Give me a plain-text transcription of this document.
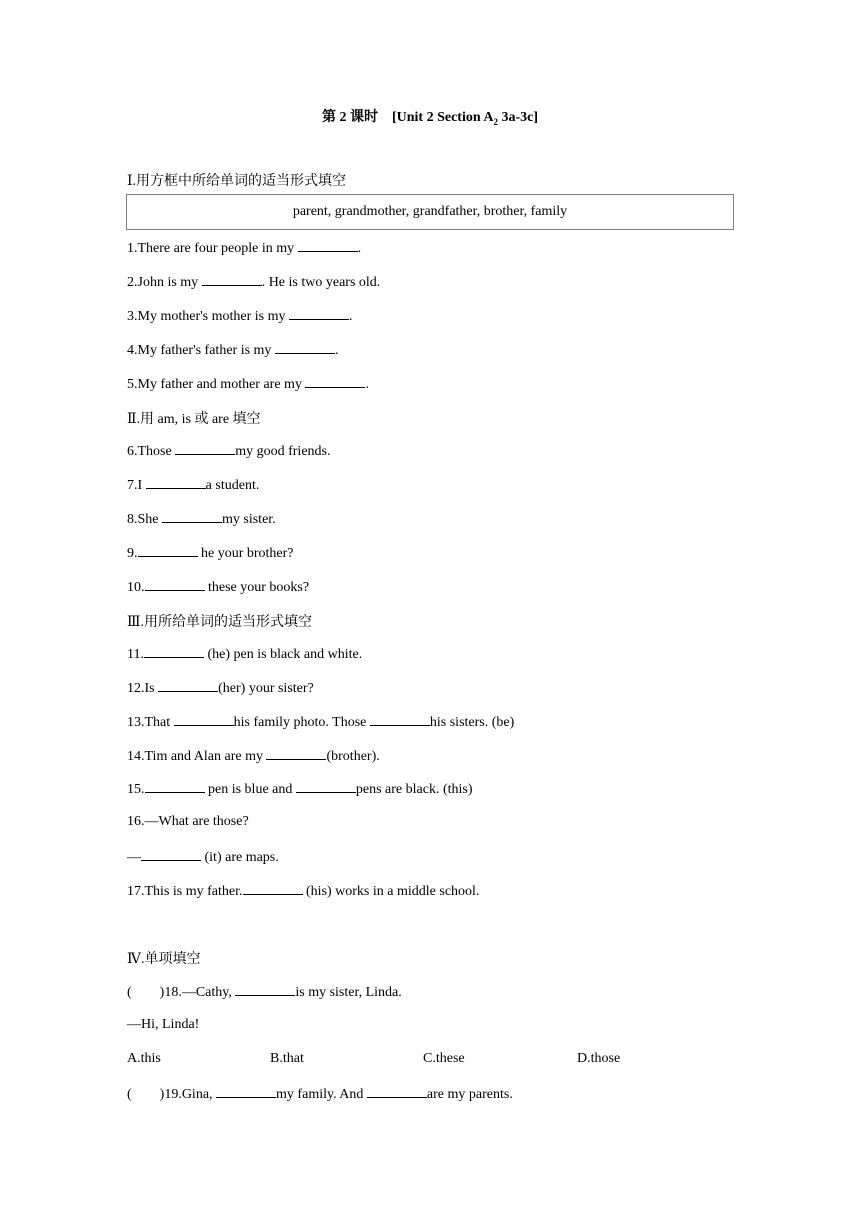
第 2 课时 [Unit 2 Section $A_2$ 3a-3c]
Ⅰ.用方框中所给单词的适当形式填空
parent, grandmother, grandfather, brother, family
1.There are four people in my	.
2.John is my	. He is two years old.
3.My mother's mother is my	.
4.My father's father is my	.
5.My father and mother are my	.
Ⅱ.用 am, is 或 are 填空
6.Those	my good friends.
7.I	a student.
8.She	my sister.
9.	he your brother?
10.	these your books?
Ⅲ.用所给单词的适当形式填空
11.	(he) pen is black and white.
12.Is	(her) your sister?
13.That	his family photo. Those	his sisters. (be)
14.Tim and Alan are my	(brother).
15.	pen is blue and	pens are black. (this)
16.—What are those?
—	(it) are maps.
17.This is my father.	(his) works in a middle school.
Ⅳ.单项填空
(        )18.—Cathy,	is my sister, Linda.
—Hi, Linda!
A.this	B.that	C.these	D.those
(        )19.Gina,	my family. And	are my parents.
